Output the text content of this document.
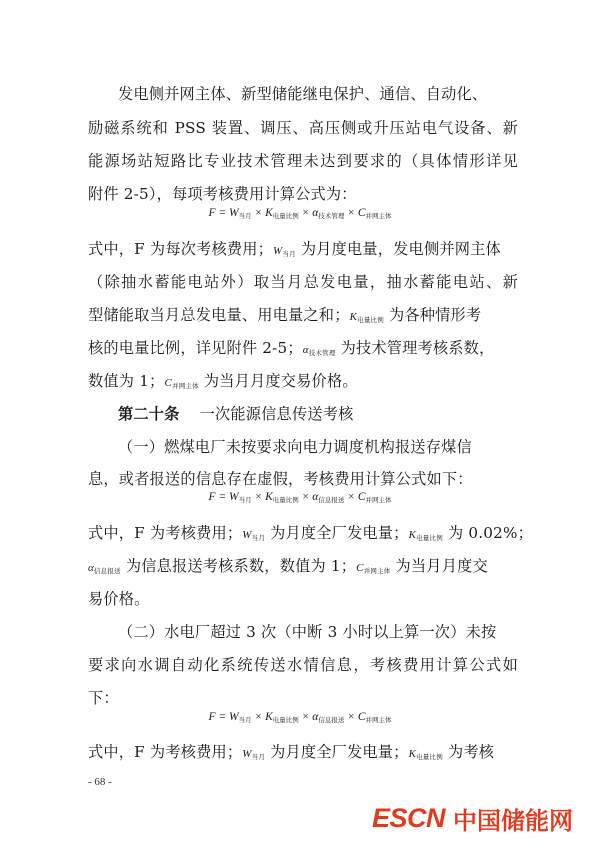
发电侧并网主体、新型储能继电保护、通信、自动化、
励磁系统和 PSS 装置、调压、高压侧或升压站电气设备、新
能源场站短路比专业技术管理未达到要求的（具体情形详见
附件 2-5），每项考核费用计算公式为：
$F = W_{当月} \times K_{电量比例} \times \alpha_{技术管理} \times C_{并网主体}$
式中，F 为每次考核费用；$W_{当月}$ 为月度电量，发电侧并网主体
（除抽水蓄能电站外）取当月总发电量，抽水蓄能电站、新
型储能取当月总发电量、用电量之和；$K_{电量比例}$ 为各种情形考
核的电量比例，详见附件 2-5；$\alpha_{技术管理}$ 为技术管理考核系数，
数值为 1；$C_{并网主体}$ 为当月月度交易价格。
第二十条 一次能源信息传送考核
（一）燃煤电厂未按要求向电力调度机构报送存煤信
息，或者报送的信息存在虚假，考核费用计算公式如下：
$F = W_{当月} \times K_{电量比例} \times \alpha_{信息报送} \times C_{并网主体}$
式中，F 为考核费用；$W_{当月}$ 为月度全厂发电量；$K_{电量比例}$ 为 0.02%；
$\alpha_{信息报送}$ 为信息报送考核系数，数值为 1；$C_{并网主体}$ 为当月月度交
易价格。
（二）水电厂超过 3 次（中断 3 小时以上算一次）未按
要求向水调自动化系统传送水情信息，考核费用计算公式如
下：
$F = W_{当月} \times K_{电量比例} \times \alpha_{信息报送} \times C_{并网主体}$
式中，F 为考核费用；$W_{当月}$ 为月度全厂发电量；$K_{电量比例}$ 为考核
- 68 -
ESCN 中国储能网
